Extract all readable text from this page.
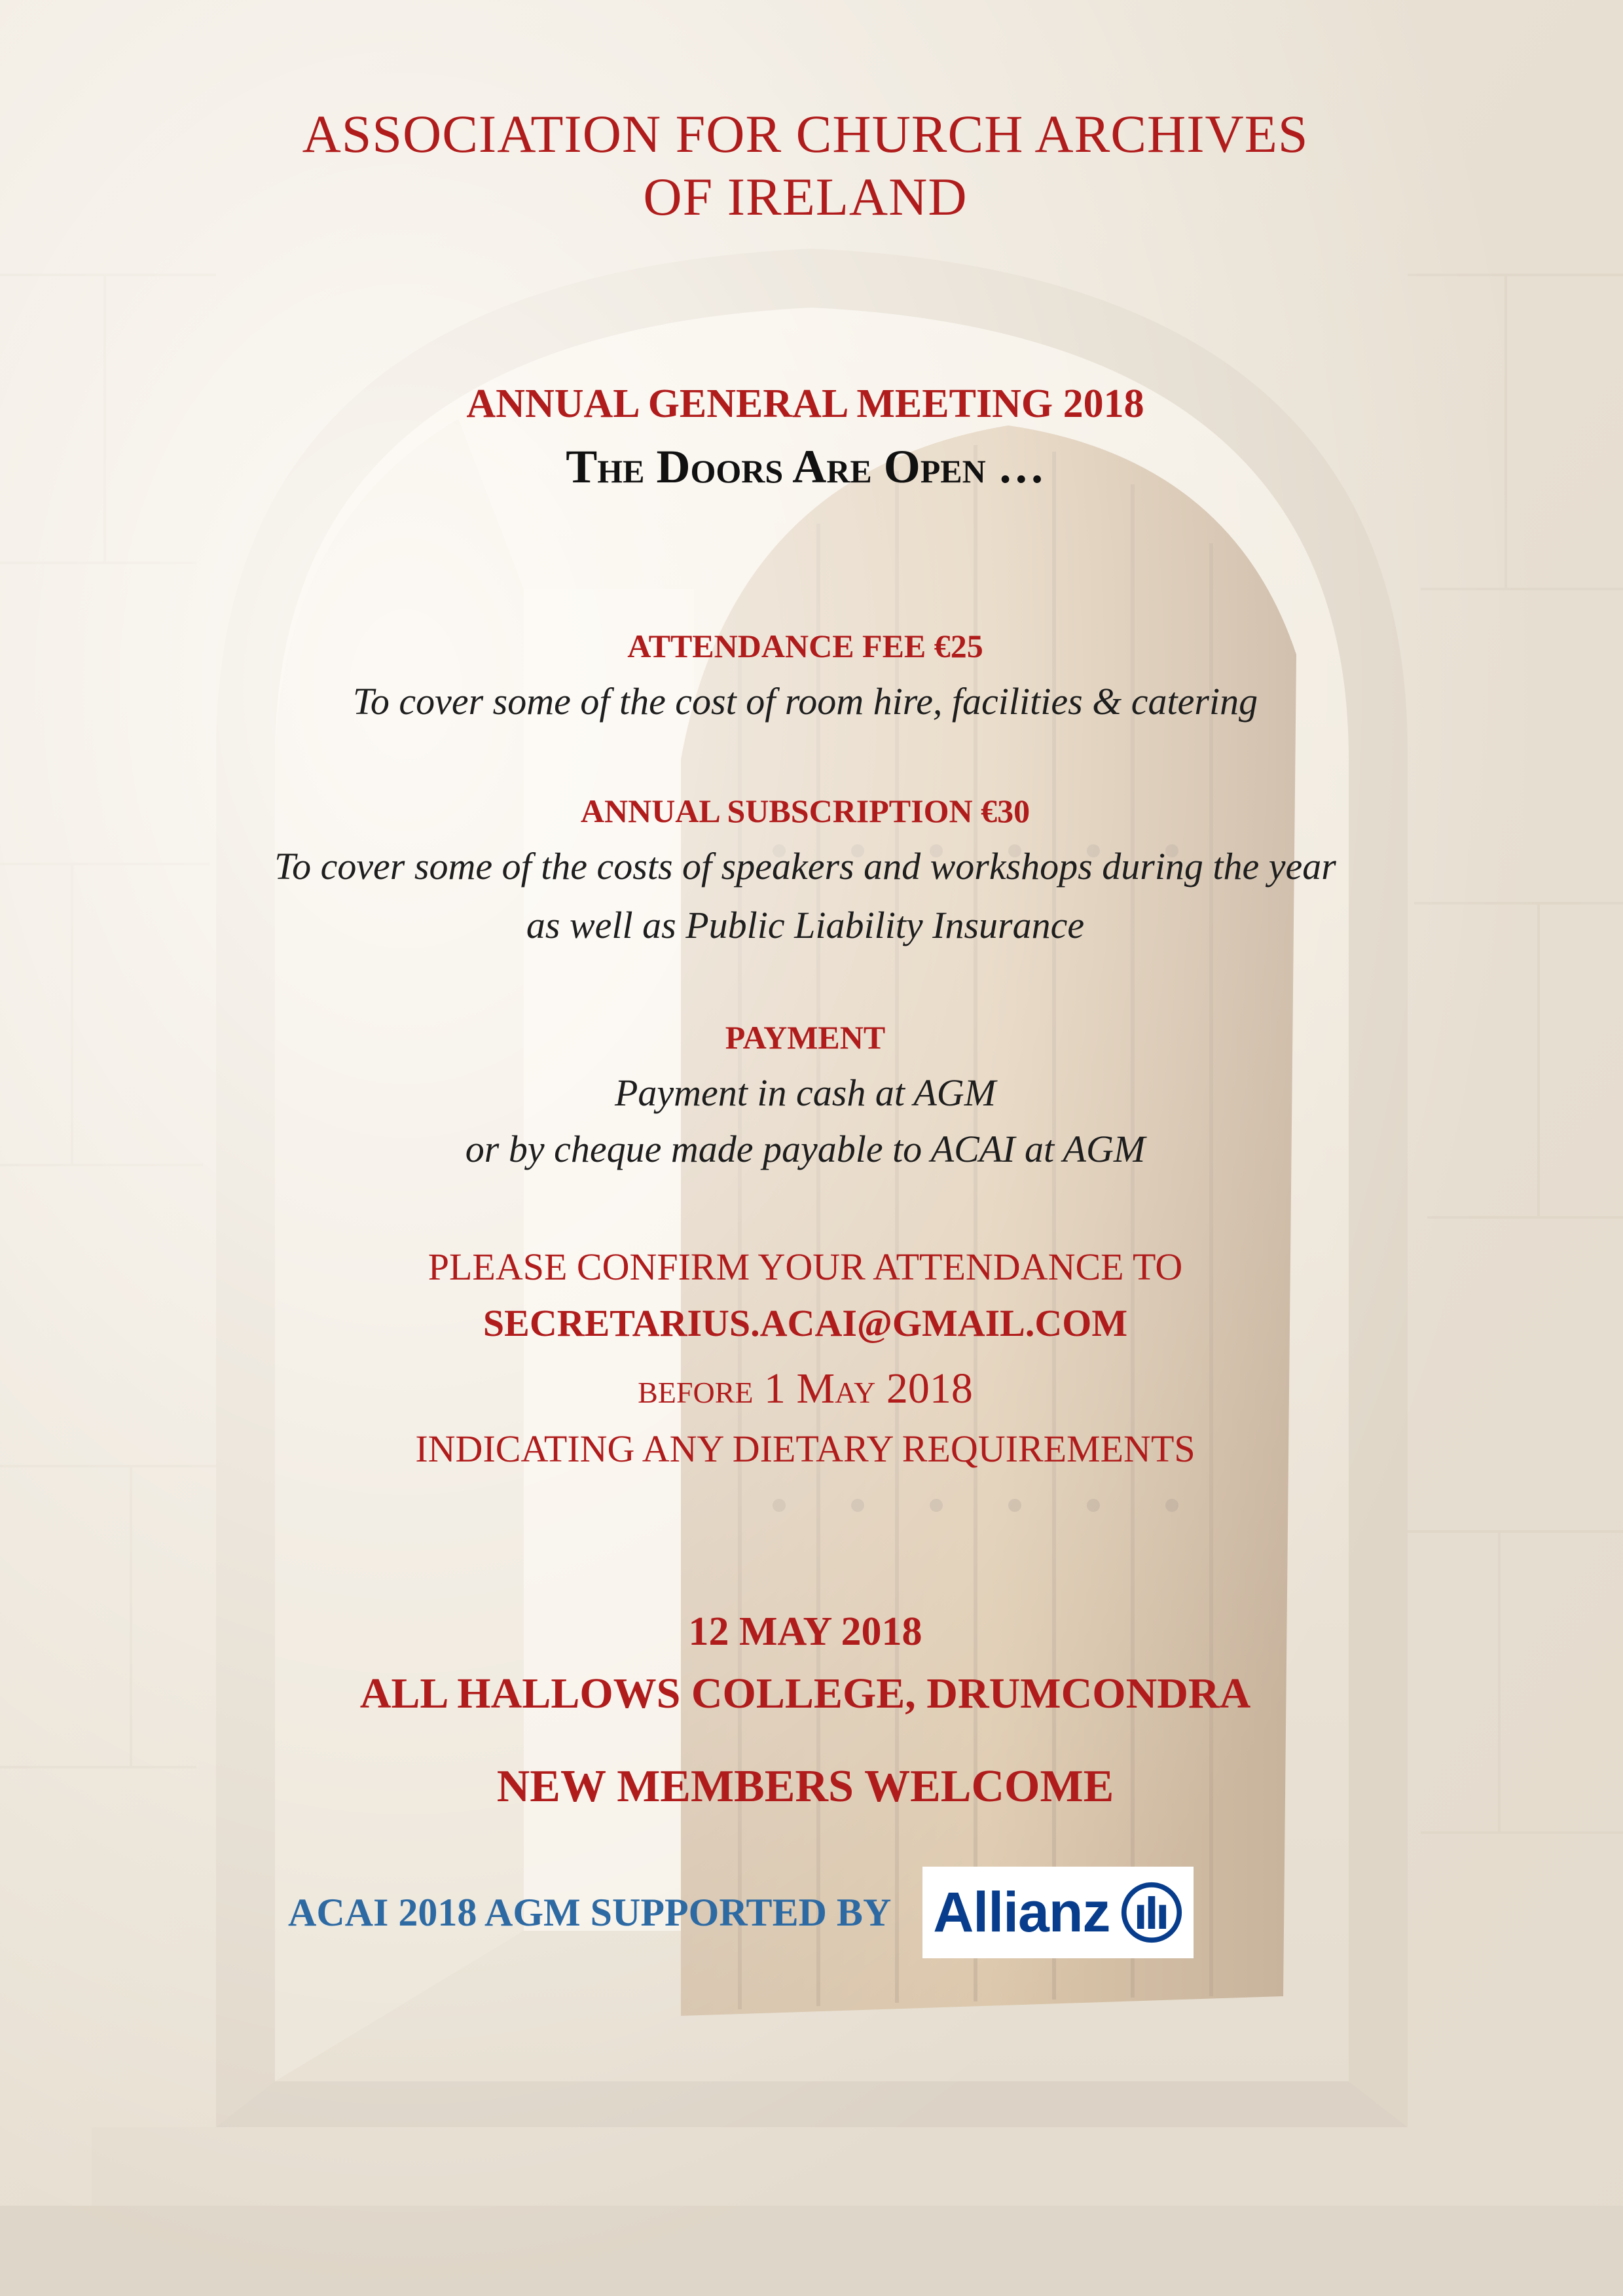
ASSOCIATION FOR CHURCH ARCHIVES

OF IRELAND

ANNUAL GENERAL MEETING 2018

The Doors Are Open …

ATTENDANCE FEE €25

To cover some of the cost of room hire, facilities & catering

ANNUAL SUBSCRIPTION €30

To cover some of the costs of speakers and workshops during the year

as well as Public Liability Insurance

PAYMENT

Payment in cash at AGM

or by cheque made payable to ACAI at AGM

PLEASE CONFIRM YOUR ATTENDANCE TO

SECRETARIUS.ACAI@GMAIL.COM

before 1 May 2018

INDICATING ANY DIETARY REQUIREMENTS

12 MAY 2018

ALL HALLOWS COLLEGE, DRUMCONDRA

NEW MEMBERS WELCOME

ACAI 2018 AGM SUPPORTED BY Allianz
